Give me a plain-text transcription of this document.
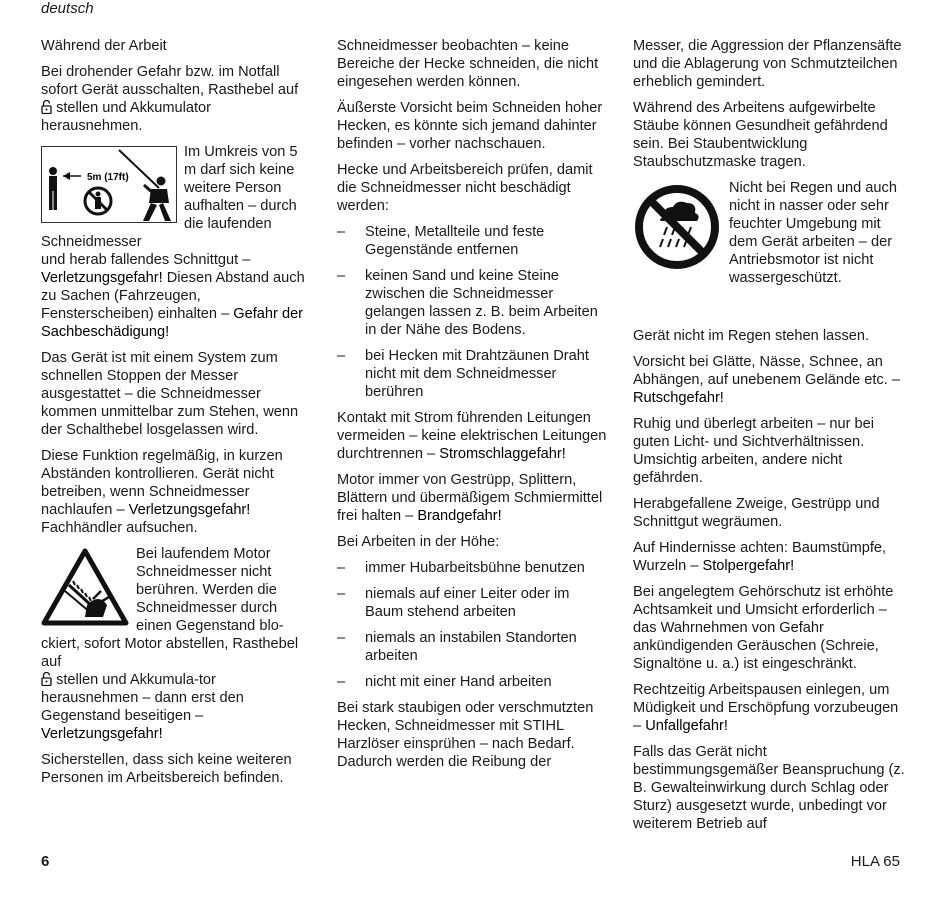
deutsch

Während der Arbeit

Bei drohender Gefahr bzw. im Notfall sofort Gerät ausschalten, Rasthebel auf
stellen und Akkumulator herausnehmen.

5m (17ft)

Im Umkreis von 5 m darf sich keine weitere Person aufhalten – durch die laufenden Schneidmesser

und herab fallendes Schnittgut – Verletzungsgefahr! Diesen Abstand auch zu Sachen (Fahrzeugen, Fensterscheiben) einhalten – Gefahr der Sachbeschädigung!

Das Gerät ist mit einem System zum schnellen Stoppen der Messer ausgestattet – die Schneidmesser kommen unmittelbar zum Stehen, wenn der Schalthebel losgelassen wird.

Diese Funktion regelmäßig, in kurzen Abständen kontrollieren. Gerät nicht betreiben, wenn Schneidmesser nachlaufen – Verletzungsgefahr! Fachhändler aufsuchen.

Bei laufendem Motor Schneidmesser nicht berühren. Werden die Schneidmesser durch einen Gegenstand blo-ckiert, sofort Motor abstellen, Rasthebel auf
stellen und Akkumula-tor herausnehmen – dann erst den Gegenstand beseitigen –
Verletzungsgefahr!

Sicherstellen, dass sich keine weiteren Personen im Arbeitsbereich befinden.

Schneidmesser beobachten – keine Bereiche der Hecke schneiden, die nicht eingesehen werden können.

Äußerste Vorsicht beim Schneiden hoher Hecken, es könnte sich jemand dahinter befinden – vorher nachschauen.

Hecke und Arbeitsbereich prüfen, damit die Schneidmesser nicht beschädigt werden:

– Steine, Metallteile und feste Gegenstände entfernen
– keinen Sand und keine Steine zwischen die Schneidmesser gelangen lassen z. B. beim Arbeiten in der Nähe des Bodens.
– bei Hecken mit Drahtzäunen Draht nicht mit dem Schneidmesser berühren

Kontakt mit Strom führenden Leitungen vermeiden – keine elektrischen Leitungen durchtrennen – Stromschlaggefahr!

Motor immer von Gestrüpp, Splittern, Blättern und übermäßigem Schmiermittel frei halten – Brandgefahr!

Bei Arbeiten in der Höhe:

– immer Hubarbeitsbühne benutzen
– niemals auf einer Leiter oder im Baum stehend arbeiten
– niemals an instabilen Standorten arbeiten
– nicht mit einer Hand arbeiten

Bei stark staubigen oder verschmutzten Hecken, Schneidmesser mit STIHL Harzlöser einsprühen – nach Bedarf. Dadurch werden die Reibung der

Messer, die Aggression der Pflanzensäfte und die Ablagerung von Schmutzteilchen erheblich gemindert.

Während des Arbeitens aufgewirbelte Stäube können Gesundheit gefährdend sein. Bei Staubentwicklung Staubschutzmaske tragen.

Nicht bei Regen und auch nicht in nasser oder sehr feuchter Umgebung mit dem Gerät arbeiten – der Antriebsmotor ist nicht wassergeschützt.

Gerät nicht im Regen stehen lassen.

Vorsicht bei Glätte, Nässe, Schnee, an Abhängen, auf unebenem Gelände etc. – Rutschgefahr!

Ruhig und überlegt arbeiten – nur bei guten Licht- und Sichtverhältnissen. Umsichtig arbeiten, andere nicht gefährden.

Herabgefallene Zweige, Gestrüpp und Schnittgut wegräumen.

Auf Hindernisse achten: Baumstümpfe, Wurzeln – Stolpergefahr!

Bei angelegtem Gehörschutz ist erhöhte Achtsamkeit und Umsicht erforderlich – das Wahrnehmen von Gefahr ankündigenden Geräuschen (Schreie, Signaltöne u. a.) ist eingeschränkt.

Rechtzeitig Arbeitspausen einlegen, um Müdigkeit und Erschöpfung vorzubeugen – Unfallgefahr!

Falls das Gerät nicht bestimmungsgemäßer Beanspruchung (z. B. Gewalteinwirkung durch Schlag oder Sturz) ausgesetzt wurde, unbedingt vor weiterem Betrieb auf

6	HLA 65
